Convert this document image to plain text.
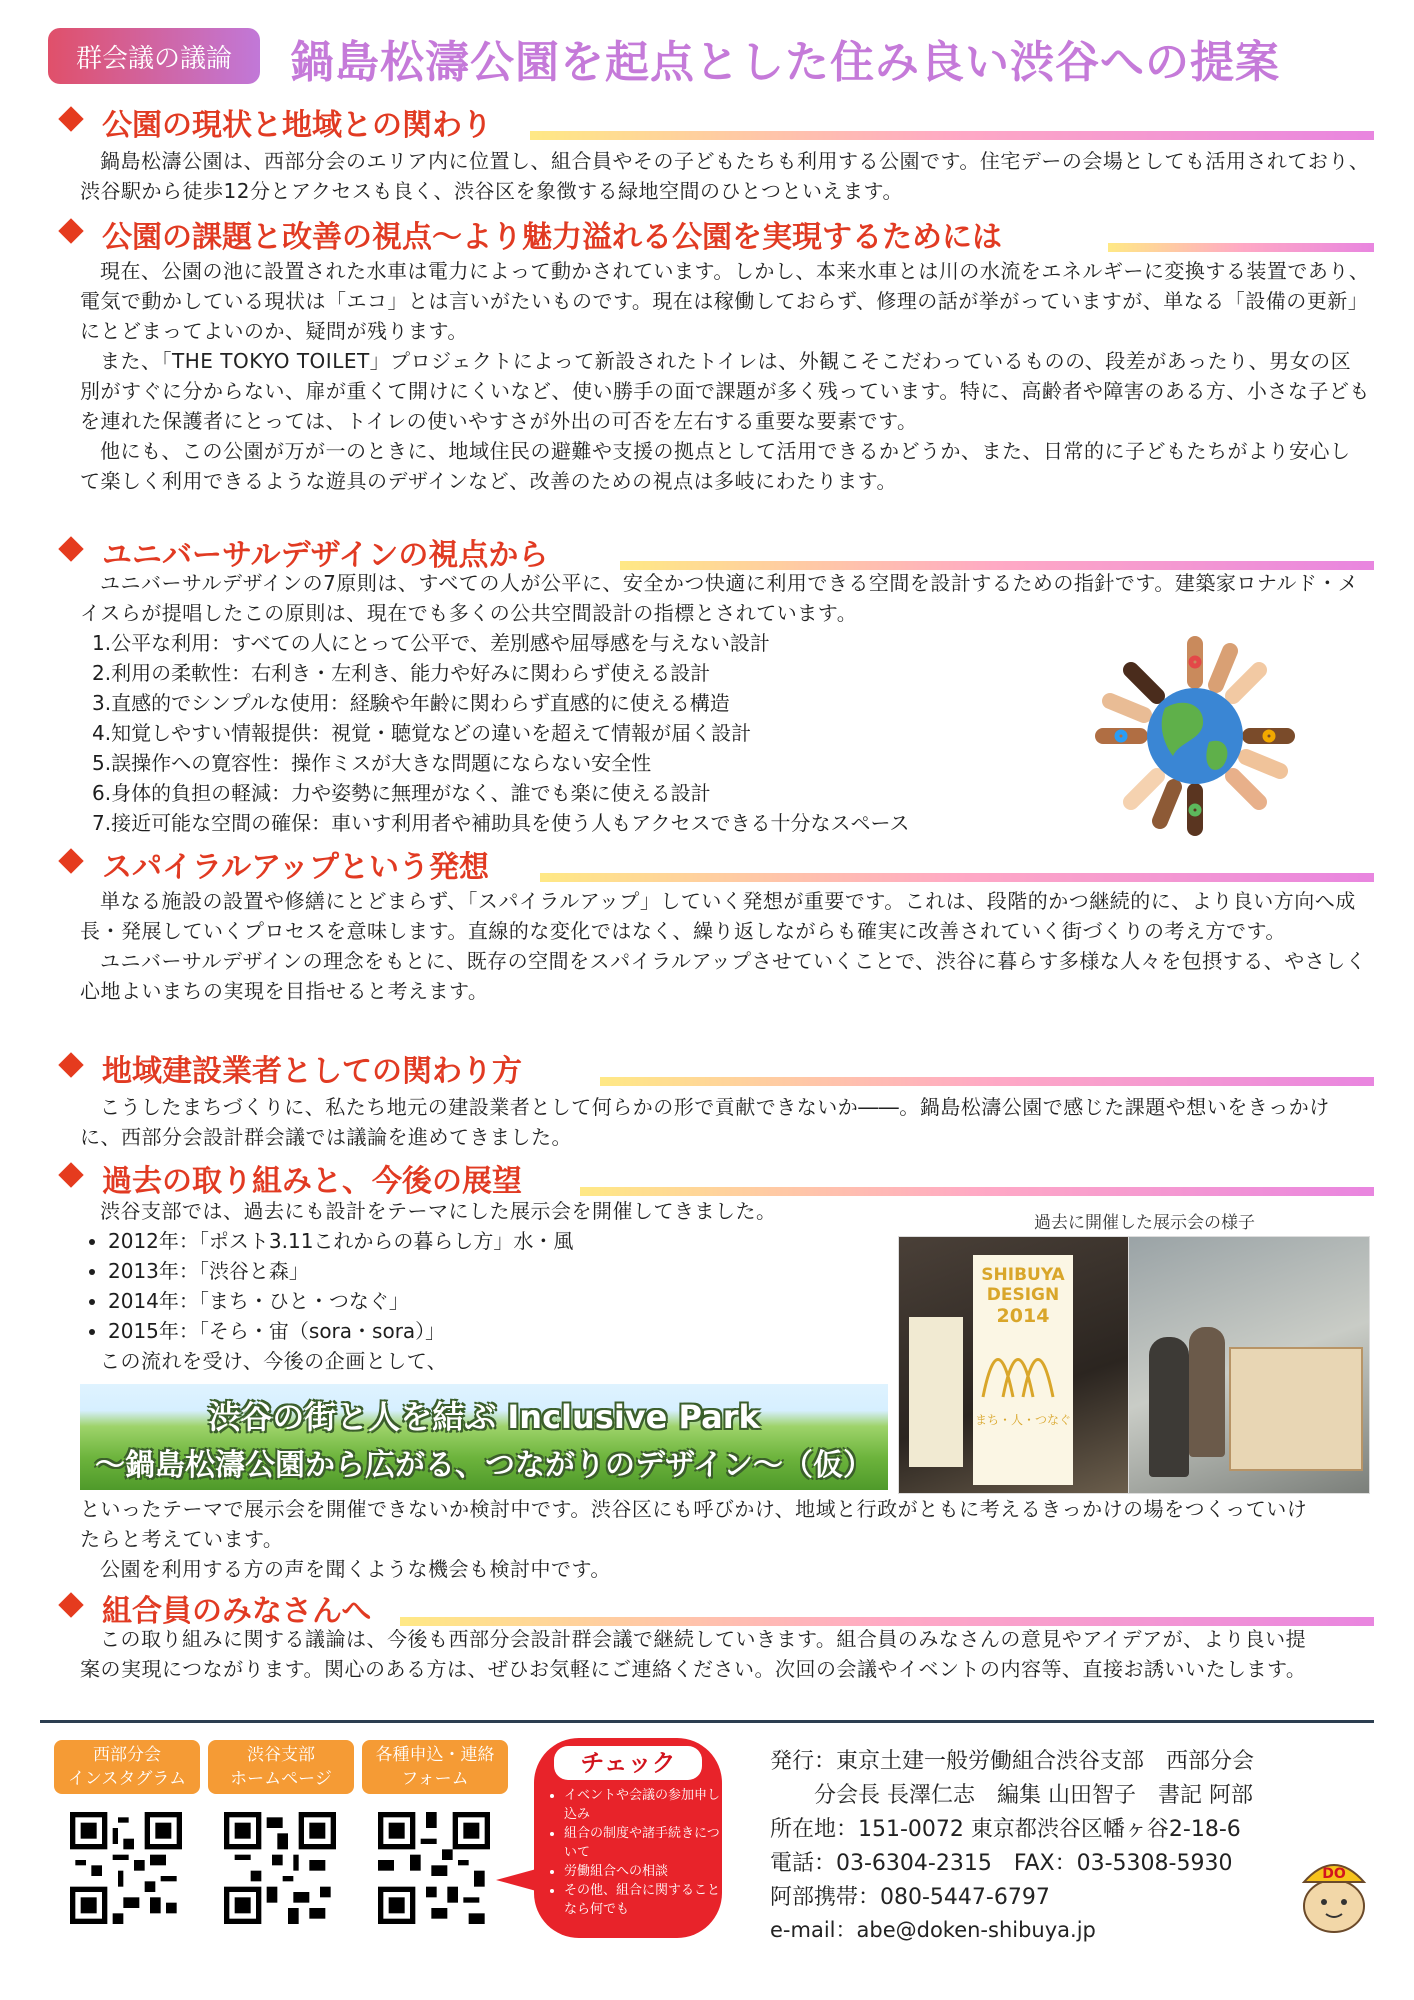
群会議の議論	鍋島松濤公園を起点とした住み良い渋谷への提案
公園の現状と地域との関わり
鍋島松濤公園は、西部分会のエリア内に位置し、組合員やその子どもたちも利用する公園です。住宅デーの会場としても活用されており、渋谷駅から徒歩12分とアクセスも良く、渋谷区を象徴する緑地空間のひとつといえます。
公園の課題と改善の視点〜より魅力溢れる公園を実現するためには
現在、公園の池に設置された水車は電力によって動かされています。しかし、本来水車とは川の水流をエネルギーに変換する装置であり、電気で動かしている現状は「エコ」とは言いがたいものです。現在は稼働しておらず、修理の話が挙がっていますが、単なる「設備の更新」にとどまってよいのか、疑問が残ります。
また、「THE TOKYO TOILET」プロジェクトによって新設されたトイレは、外観こそこだわっているものの、段差があったり、男女の区別がすぐに分からない、扉が重くて開けにくいなど、使い勝手の面で課題が多く残っています。特に、高齢者や障害のある方、小さな子どもを連れた保護者にとっては、トイレの使いやすさが外出の可否を左右する重要な要素です。
他にも、この公園が万が一のときに、地域住民の避難や支援の拠点として活用できるかどうか、また、日常的に子どもたちがより安心して楽しく利用できるような遊具のデザインなど、改善のための視点は多岐にわたります。
ユニバーサルデザインの視点から
ユニバーサルデザインの7原則は、すべての人が公平に、安全かつ快適に利用できる空間を設計するための指針です。建築家ロナルド・メイスらが提唱したこの原則は、現在でも多くの公共空間設計の指標とされています。
1.公平な利用：すべての人にとって公平で、差別感や屈辱感を与えない設計
2.利用の柔軟性：右利き・左利き、能力や好みに関わらず使える設計
3.直感的でシンプルな使用：経験や年齢に関わらず直感的に使える構造
4.知覚しやすい情報提供：視覚・聴覚などの違いを超えて情報が届く設計
5.誤操作への寛容性：操作ミスが大きな問題にならない安全性
6.身体的負担の軽減：力や姿勢に無理がなく、誰でも楽に使える設計
7.接近可能な空間の確保：車いす利用者や補助具を使う人もアクセスできる十分なスペース
スパイラルアップという発想
単なる施設の設置や修繕にとどまらず、「スパイラルアップ」していく発想が重要です。これは、段階的かつ継続的に、より良い方向へ成長・発展していくプロセスを意味します。直線的な変化ではなく、繰り返しながらも確実に改善されていく街づくりの考え方です。
ユニバーサルデザインの理念をもとに、既存の空間をスパイラルアップさせていくことで、渋谷に暮らす多様な人々を包摂する、やさしく心地よいまちの実現を目指せると考えます。
地域建設業者としての関わり方
こうしたまちづくりに、私たち地元の建設業者として何らかの形で貢献できないか――。鍋島松濤公園で感じた課題や想いをきっかけに、西部分会設計群会議では議論を進めてきました。
過去の取り組みと、今後の展望
渋谷支部では、過去にも設計をテーマにした展示会を開催してきました。
• 2012年：「ポスト3.11これからの暮らし方」水・風
• 2013年：「渋谷と森」
• 2014年：「まち・ひと・つなぐ」
• 2015年：「そら・宙（sora・sora）」
この流れを受け、今後の企画として、
渋谷の街と人を結ぶ Inclusive Park
〜鍋島松濤公園から広がる、つながりのデザイン〜（仮）
といったテーマで展示会を開催できないか検討中です。渋谷区にも呼びかけ、地域と行政がともに考えるきっかけの場をつくっていけたらと考えています。
公園を利用する方の声を聞くような機会も検討中です。
過去に開催した展示会の様子
SHIBUYA
DESIGN
2014
まち・人・つなぐ
組合員のみなさんへ
この取り組みに関する議論は、今後も西部分会設計群会議で継続していきます。組合員のみなさんの意見やアイデアが、より良い提案の実現につながります。関心のある方は、ぜひお気軽にご連絡ください。次回の会議やイベントの内容等、直接お誘いいたします。
西部分会
インスタグラム
渋谷支部
ホームページ
各種申込・連絡
フォーム
チェック
• イベントや会議の参加申し込み
• 組合の制度や諸手続きについて
• 労働組合への相談
• その他、組合に関することなら何でも
発行：東京土建一般労働組合渋谷支部　西部分会
　　分会長 長澤仁志　編集 山田智子　書記 阿部
所在地：151-0072 東京都渋谷区幡ヶ谷2-18-6
電話：03-6304-2315　FAX：03-5308-5930
阿部携帯：080-5447-6797
e-mail：abe@doken-shibuya.jp
DO
